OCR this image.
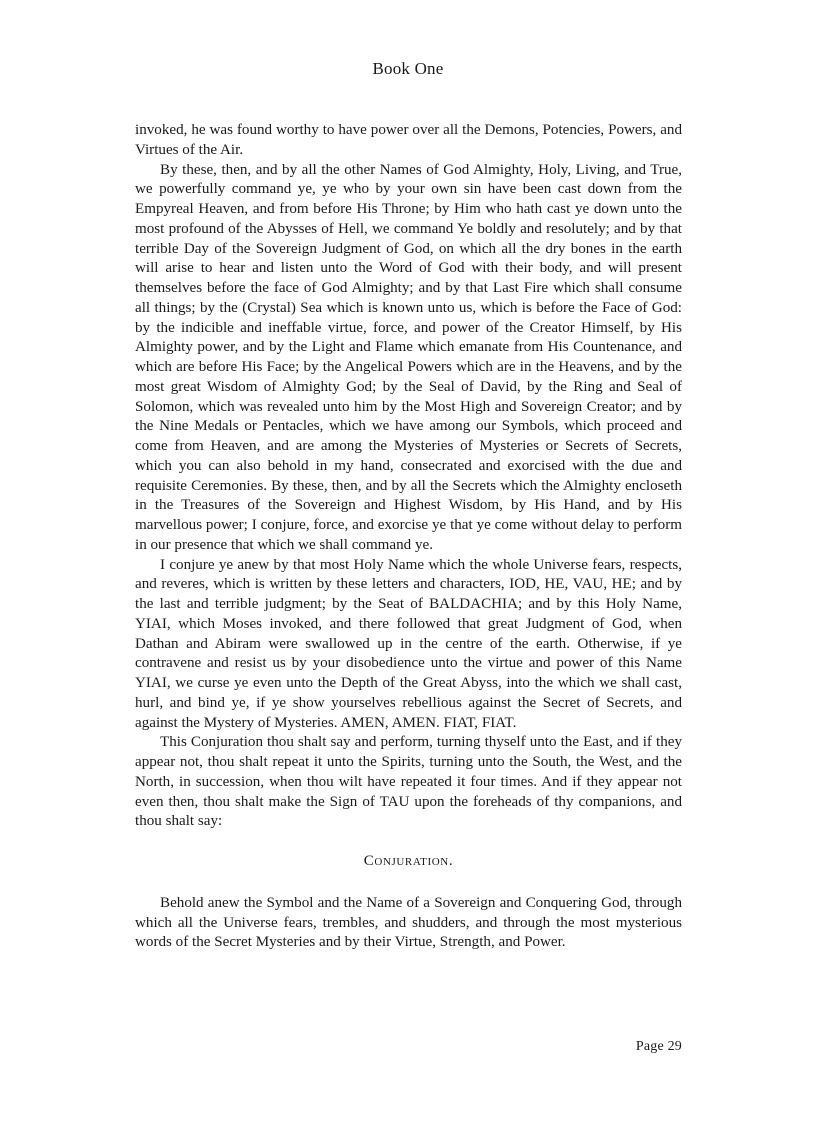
Book One

invoked, he was found worthy to have power over all the Demons, Potencies, Powers, and Virtues of the Air.

By these, then, and by all the other Names of God Almighty, Holy, Living, and True, we powerfully command ye, ye who by your own sin have been cast down from the Empyreal Heaven, and from before His Throne; by Him who hath cast ye down unto the most profound of the Abysses of Hell, we command Ye boldly and resolutely; and by that terrible Day of the Sovereign Judgment of God, on which all the dry bones in the earth will arise to hear and listen unto the Word of God with their body, and will present themselves before the face of God Almighty; and by that Last Fire which shall consume all things; by the (Crystal) Sea which is known unto us, which is before the Face of God: by the indicible and ineffable virtue, force, and power of the Creator Himself, by His Almighty power, and by the Light and Flame which emanate from His Countenance, and which are before His Face; by the Angelical Powers which are in the Heavens, and by the most great Wisdom of Almighty God; by the Seal of David, by the Ring and Seal of Solomon, which was revealed unto him by the Most High and Sovereign Creator; and by the Nine Medals or Pentacles, which we have among our Symbols, which proceed and come from Heaven, and are among the Mysteries of Mysteries or Secrets of Secrets, which you can also behold in my hand, consecrated and exorcised with the due and requisite Ceremonies. By these, then, and by all the Secrets which the Almighty encloseth in the Treasures of the Sovereign and Highest Wisdom, by His Hand, and by His marvellous power; I conjure, force, and exorcise ye that ye come without delay to perform in our presence that which we shall command ye.

I conjure ye anew by that most Holy Name which the whole Universe fears, respects, and reveres, which is written by these letters and characters, IOD, HE, VAU, HE; and by the last and terrible judgment; by the Seat of BALDACHIA; and by this Holy Name, YIAI, which Moses invoked, and there followed that great Judgment of God, when Dathan and Abiram were swallowed up in the centre of the earth. Otherwise, if ye contravene and resist us by your disobedience unto the virtue and power of this Name YIAI, we curse ye even unto the Depth of the Great Abyss, into the which we shall cast, hurl, and bind ye, if ye show yourselves rebellious against the Secret of Secrets, and against the Mystery of Mysteries. AMEN, AMEN. FIAT, FIAT.

This Conjuration thou shalt say and perform, turning thyself unto the East, and if they appear not, thou shalt repeat it unto the Spirits, turning unto the South, the West, and the North, in succession, when thou wilt have repeated it four times. And if they appear not even then, thou shalt make the Sign of TAU upon the foreheads of thy companions, and thou shalt say:

Conjuration.

Behold anew the Symbol and the Name of a Sovereign and Conquering God, through which all the Universe fears, trembles, and shudders, and through the most mysterious words of the Secret Mysteries and by their Virtue, Strength, and Power.

Page 29
